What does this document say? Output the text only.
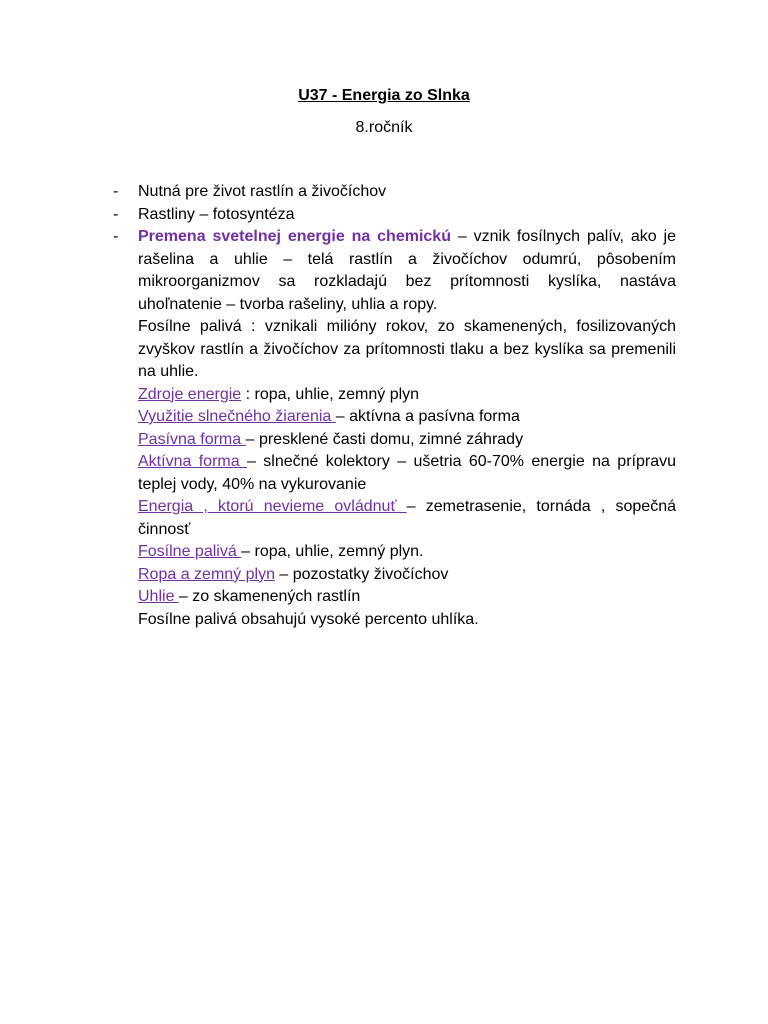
U37 - Energia zo Slnka
8.ročník
- Nutná pre život rastlín a živočíchov
- Rastliny – fotosyntéza
- Premena svetelnej energie na chemickú – vznik fosílnych palív, ako je rašelina a uhlie – telá rastlín a živočíchov odumrú, pôsobením mikroorganizmov sa rozkladajú bez prítomnosti kyslíka, nastáva uhoľnatenie – tvorba rašeliny, uhlia a ropy.
Fosílne palivá : vznikali milióny rokov, zo skamenených, fosilizovaných zvyškov rastlín a živočíchov za prítomnosti tlaku a bez kyslíka sa premenili na uhlie.
Zdroje energie : ropa, uhlie, zemný plyn
Využitie slnečného žiarenia – aktívna a pasívna forma
Pasívna forma – presklené časti domu, zimné záhrady
Aktívna forma – slnečné kolektory – ušetria 60-70% energie na prípravu teplej vody, 40% na vykurovanie
Energia , ktorú nevieme ovládnuť – zemetrasenie, tornáda , sopečná činnosť
Fosílne palivá – ropa, uhlie, zemný plyn.
Ropa a zemný plyn – pozostatky živočíchov
Uhlie – zo skamenených rastlín
Fosílne palivá obsahujú vysoké percento uhlíka.
